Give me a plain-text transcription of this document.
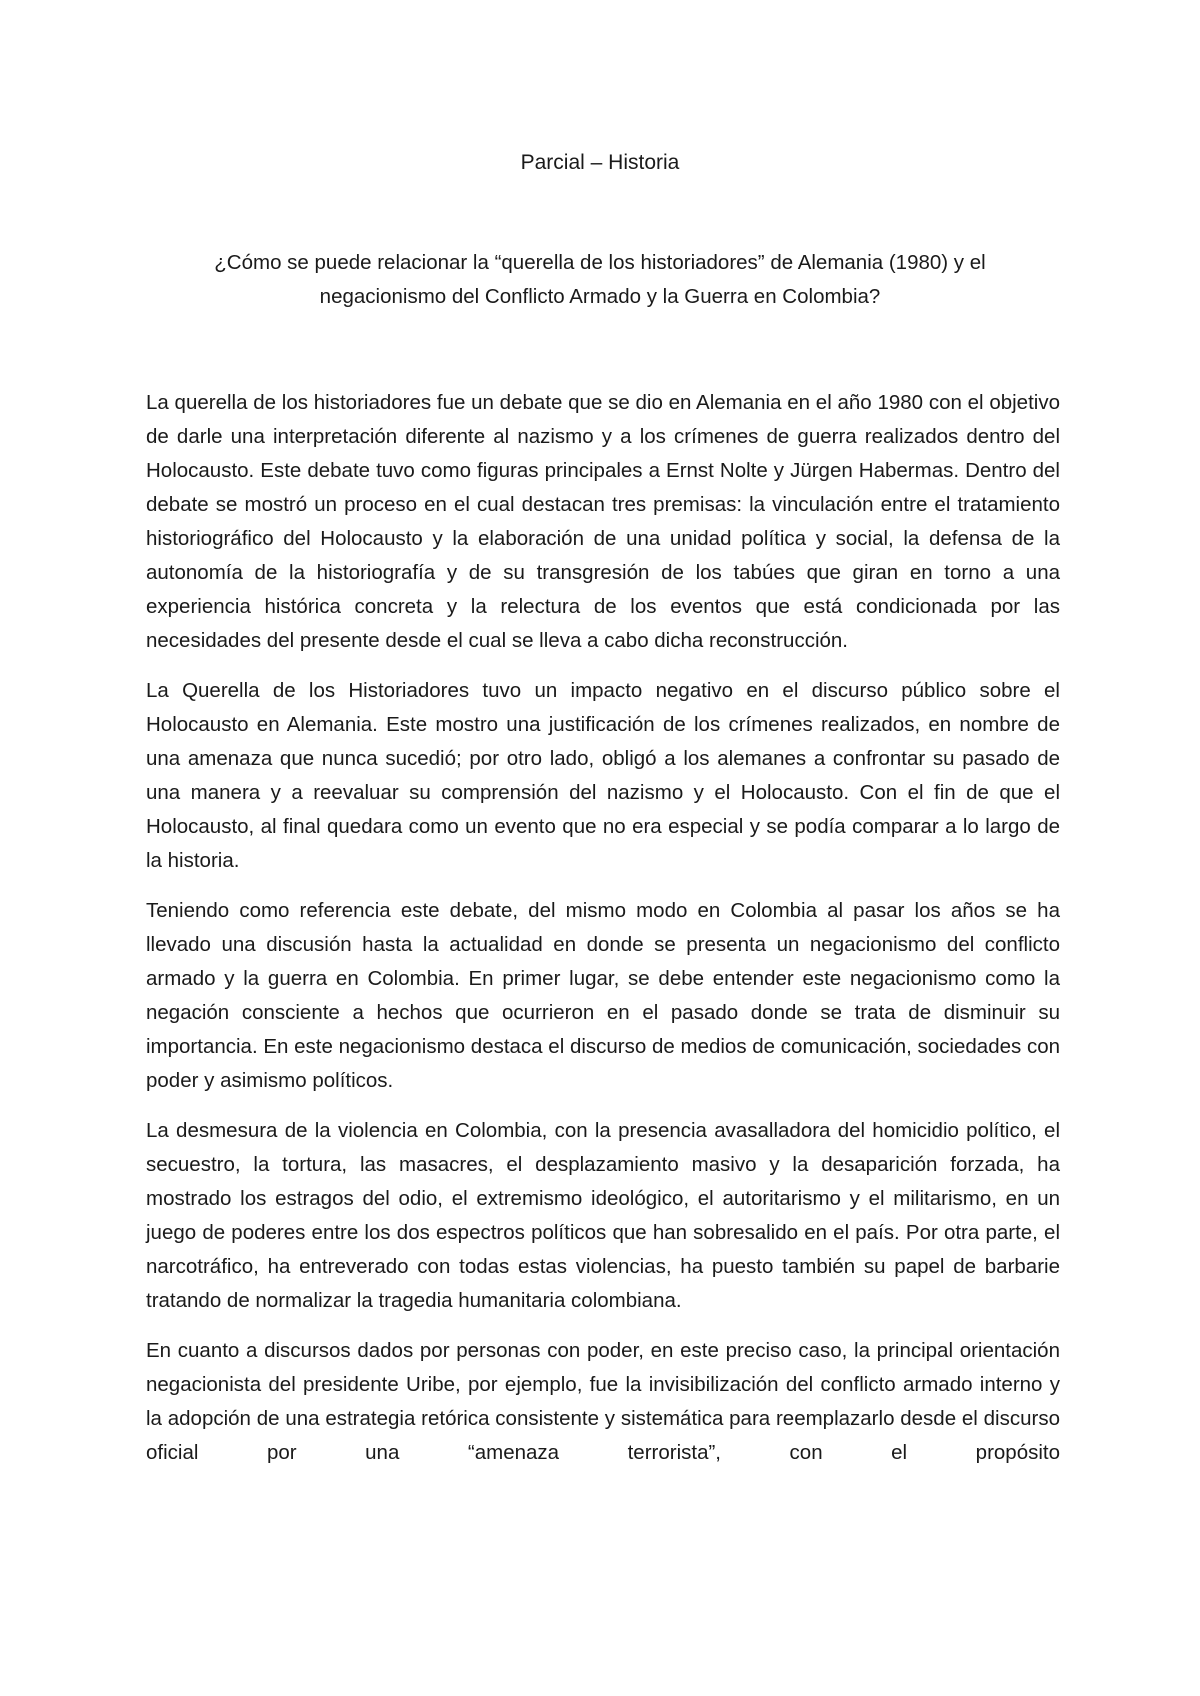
Parcial – Historia
¿Cómo se puede relacionar la “querella de los historiadores” de Alemania (1980) y el negacionismo del Conflicto Armado y la Guerra en Colombia?

La querella de los historiadores fue un debate que se dio en Alemania en el año 1980 con el objetivo de darle una interpretación diferente al nazismo y a los crímenes de guerra realizados dentro del Holocausto. Este debate tuvo como figuras principales a Ernst Nolte y Jürgen Habermas. Dentro del debate se mostró un proceso en el cual destacan tres premisas: la vinculación entre el tratamiento historiográfico del Holocausto y la elaboración de una unidad política y social, la defensa de la autonomía de la historiografía y de su transgresión de los tabúes que giran en torno a una experiencia histórica concreta y la relectura de los eventos que está condicionada por las necesidades del presente desde el cual se lleva a cabo dicha reconstrucción.

La Querella de los Historiadores tuvo un impacto negativo en el discurso público sobre el Holocausto en Alemania. Este mostro una justificación de los crímenes realizados, en nombre de una amenaza que nunca sucedió; por otro lado, obligó a los alemanes a confrontar su pasado de una manera y a reevaluar su comprensión del nazismo y el Holocausto. Con el fin de que el Holocausto, al final quedara como un evento que no era especial y se podía comparar a lo largo de la historia.

Teniendo como referencia este debate, del mismo modo en Colombia al pasar los años se ha llevado una discusión hasta la actualidad en donde se presenta un negacionismo del conflicto armado y la guerra en Colombia. En primer lugar, se debe entender este negacionismo como la negación consciente a hechos que ocurrieron en el pasado donde se trata de disminuir su importancia. En este negacionismo destaca el discurso de medios de comunicación, sociedades con poder y asimismo políticos.

La desmesura de la violencia en Colombia, con la presencia avasalladora del homicidio político, el secuestro, la tortura, las masacres, el desplazamiento masivo y la desaparición forzada, ha mostrado los estragos del odio, el extremismo ideológico, el autoritarismo y el militarismo, en un juego de poderes entre los dos espectros políticos que han sobresalido en el país. Por otra parte, el narcotráfico, ha entreverado con todas estas violencias, ha puesto también su papel de barbarie tratando de normalizar la tragedia humanitaria colombiana.

En cuanto a discursos dados por personas con poder, en este preciso caso, la principal orientación negacionista del presidente Uribe, por ejemplo, fue la invisibilización del conflicto armado interno y la adopción de una estrategia retórica consistente y sistemática para reemplazarlo desde el discurso oficial por una “amenaza terrorista”, con el propósito
